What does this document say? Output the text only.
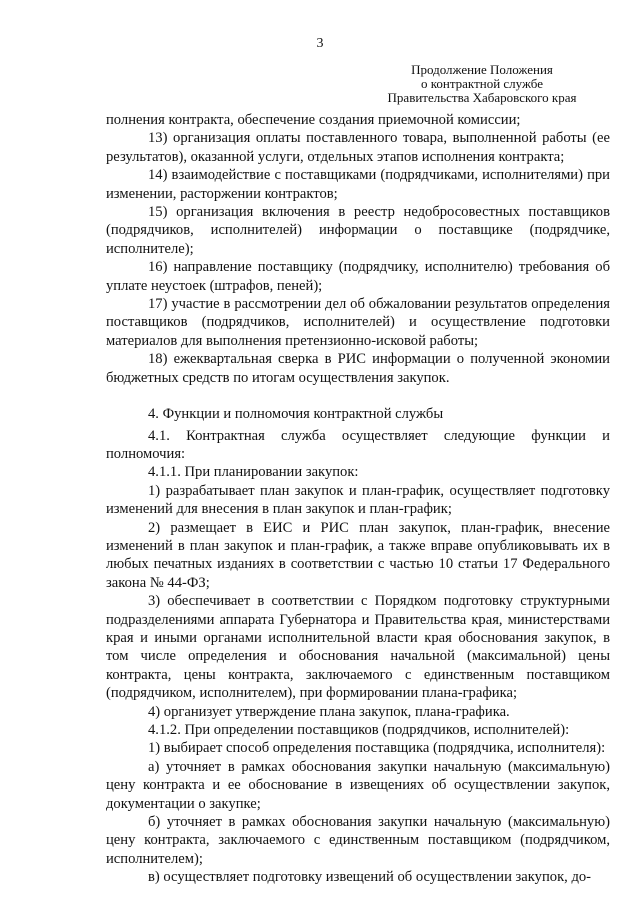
3
Продолжение Положения
о контрактной службе
Правительства Хабаровского края

полнения контракта, обеспечение создания приемочной комиссии;

13) организация оплаты поставленного товара, выполненной работы (ее результатов), оказанной услуги, отдельных этапов исполнения контракта;

14) взаимодействие с поставщиками (подрядчиками, исполнителями) при изменении, расторжении контрактов;

15) организация включения в реестр недобросовестных поставщиков (подрядчиков, исполнителей) информации о поставщике (подрядчике, исполнителе);

16) направление поставщику (подрядчику, исполнителю) требования об уплате неустоек (штрафов, пеней);

17) участие в рассмотрении дел об обжаловании результатов определения поставщиков (подрядчиков, исполнителей) и осуществление подготовки материалов для выполнения претензионно-исковой работы;

18) ежеквартальная сверка в РИС информации о полученной экономии бюджетных средств по итогам осуществления закупок.

4. Функции и полномочия контрактной службы

4.1. Контрактная служба осуществляет следующие функции и полномочия:

4.1.1. При планировании закупок:

1) разрабатывает план закупок и план-график, осуществляет подготовку изменений для внесения в план закупок и план-график;

2) размещает в ЕИС и РИС план закупок, план-график, внесение изменений в план закупок и план-график, а также вправе опубликовывать их в любых печатных изданиях в соответствии с частью 10 статьи 17 Федерального закона № 44-ФЗ;

3) обеспечивает в соответствии с Порядком подготовку структурными подразделениями аппарата Губернатора и Правительства края, министерствами края и иными органами исполнительной власти края обоснования закупок, в том числе определения и обоснования начальной (максимальной) цены контракта, цены контракта, заключаемого с единственным поставщиком (подрядчиком, исполнителем), при формировании плана-графика;

4) организует утверждение плана закупок, плана-графика.

4.1.2. При определении поставщиков (подрядчиков, исполнителей):

1) выбирает способ определения поставщика (подрядчика, исполнителя):

а) уточняет в рамках обоснования закупки начальную (максимальную) цену контракта и ее обоснование в извещениях об осуществлении закупок, документации о закупке;

б) уточняет в рамках обоснования закупки начальную (максимальную) цену контракта, заключаемого с единственным поставщиком (подрядчиком, исполнителем);

в) осуществляет подготовку извещений об осуществлении закупок, до-
